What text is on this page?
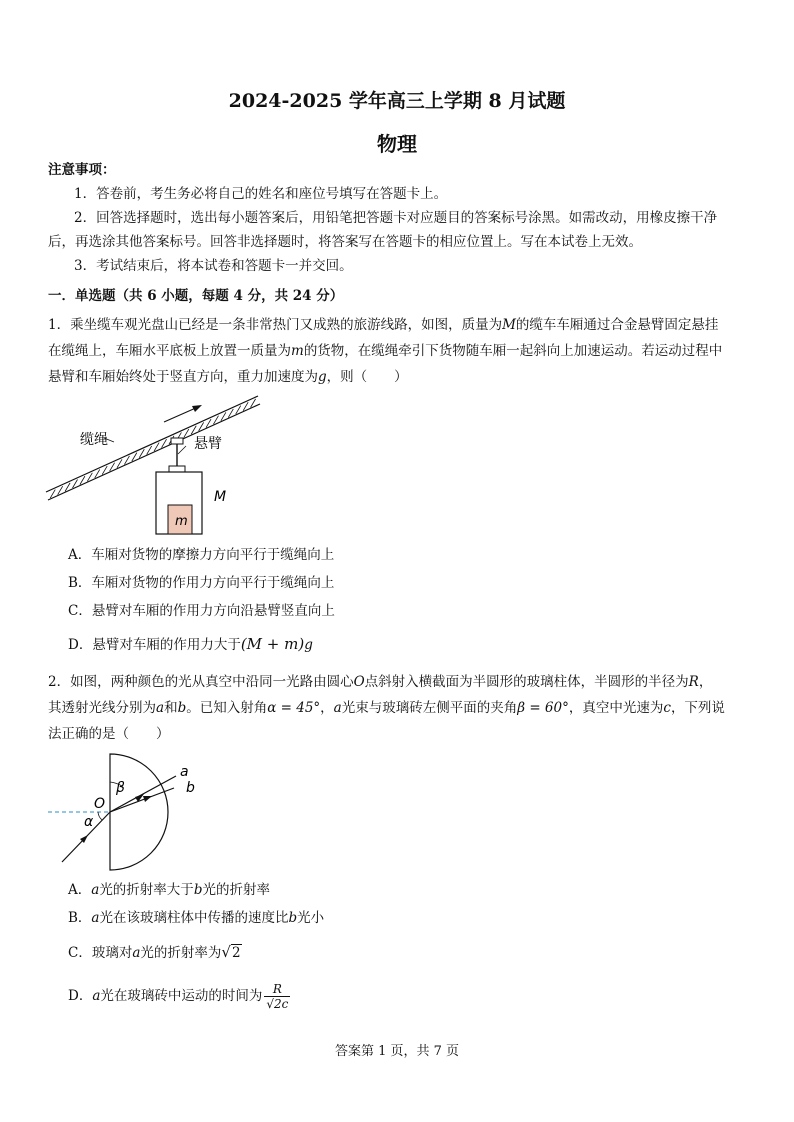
2024-2025 学年高三上学期 8 月试题
物理
注意事项：
1．答卷前，考生务必将自己的姓名和座位号填写在答题卡上。
2．回答选择题时，选出每小题答案后，用铅笔把答题卡对应题目的答案标号涂黑。如需改动，用橡皮擦干净
后，再选涂其他答案标号。回答非选择题时，将答案写在答题卡的相应位置上。写在本试卷上无效。
3．考试结束后，将本试卷和答题卡一并交回。
一．单选题（共 6 小题，每题 4 分，共 24 分）
1．乘坐缆车观光盘山已经是一条非常热门又成熟的旅游线路，如图，质量为M的缆车车厢通过合金悬臂固定悬挂
在缆绳上，车厢水平底板上放置一质量为m的货物，在缆绳牵引下货物随车厢一起斜向上加速运动。若运动过程中
悬臂和车厢始终处于竖直方向，重力加速度为g，则（　　）
缆绳	悬臂
M
m
A．车厢对货物的摩擦力方向平行于缆绳向上
B．车厢对货物的作用力方向平行于缆绳向上
C．悬臂对车厢的作用力方向沿悬臂竖直向上
D．悬臂对车厢的作用力大于(M + m)g
2．如图，两种颜色的光从真空中沿同一光路由圆心O点斜射入横截面为半圆形的玻璃柱体，半圆形的半径为R，
其透射光线分别为a和b。已知入射角α = 45°，a光束与玻璃砖左侧平面的夹角β = 60°，真空中光速为c，下列说
法正确的是（　　）
a
b
O
α
β
A．a光的折射率大于b光的折射率
B．a光在该玻璃柱体中传播的速度比b光小
C．玻璃对a光的折射率为√2
D．a光在玻璃砖中运动的时间为 $\frac{R}{√2c}$
答案第 1 页，共 7 页
